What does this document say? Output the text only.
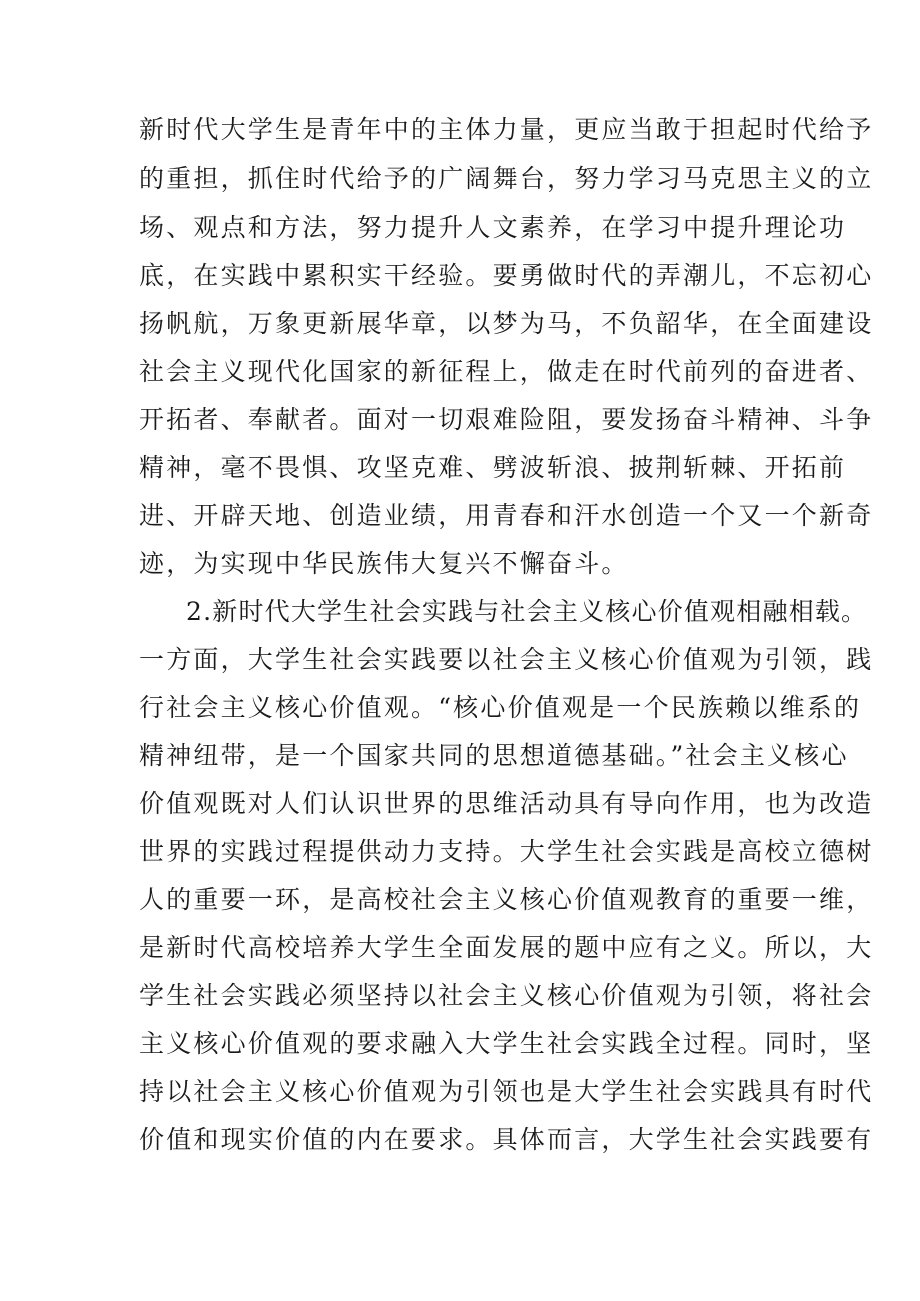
新时代大学生是青年中的主体力量，更应当敢于担起时代给予
的重担，抓住时代给予的广阔舞台，努力学习马克思主义的立
场、观点和方法，努力提升人文素养，在学习中提升理论功
底，在实践中累积实干经验。要勇做时代的弄潮儿，不忘初心
扬帆航，万象更新展华章，以梦为马，不负韶华，在全面建设
社会主义现代化国家的新征程上，做走在时代前列的奋进者、
开拓者、奉献者。面对一切艰难险阻，要发扬奋斗精神、斗争
精神，毫不畏惧、攻坚克难、劈波斩浪、披荆斩棘、开拓前
进、开辟天地、创造业绩，用青春和汗水创造一个又一个新奇
迹，为实现中华民族伟大复兴不懈奋斗。
2.新时代大学生社会实践与社会主义核心价值观相融相载。
一方面，大学生社会实践要以社会主义核心价值观为引领，践
行社会主义核心价值观。“核心价值观是一个民族赖以维系的
精神纽带，是一个国家共同的思想道德基础。”社会主义核心
价值观既对人们认识世界的思维活动具有导向作用，也为改造
世界的实践过程提供动力支持。大学生社会实践是高校立德树
人的重要一环，是高校社会主义核心价值观教育的重要一维，
是新时代高校培养大学生全面发展的题中应有之义。所以，大
学生社会实践必须坚持以社会主义核心价值观为引领，将社会
主义核心价值观的要求融入大学生社会实践全过程。同时，坚
持以社会主义核心价值观为引领也是大学生社会实践具有时代
价值和现实价值的内在要求。具体而言，大学生社会实践要有
